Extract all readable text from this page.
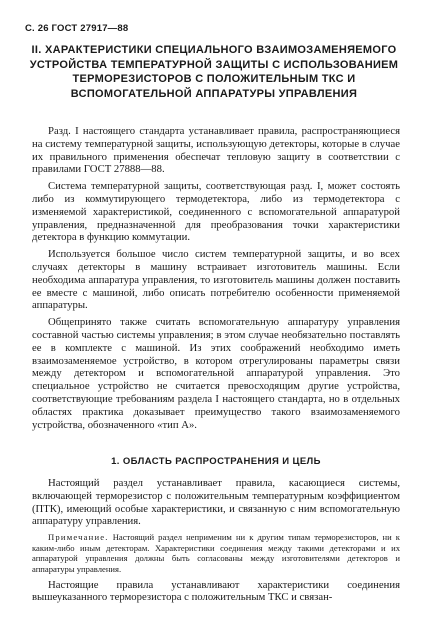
С. 26 ГОСТ 27917—88
II. ХАРАКТЕРИСТИКИ СПЕЦИАЛЬНОГО ВЗАИМОЗАМЕНЯЕМОГО УСТРОЙСТВА ТЕМПЕРАТУРНОЙ ЗАЩИТЫ С ИСПОЛЬЗОВАНИЕМ ТЕРМОРЕЗИСТОРОВ С ПОЛОЖИТЕЛЬНЫМ ТКС И ВСПОМОГАТЕЛЬНОЙ АППАРАТУРЫ УПРАВЛЕНИЯ

Разд. I настоящего стандарта устанавливает правила, распространяющиеся на систему температурной защиты, использующую детекторы, которые в случае их правильного применения обеспечат тепловую защиту в соответствии с правилами ГОСТ 27888—88.

Система температурной защиты, соответствующая разд. I, может состоять либо из коммутирующего термодетектора, либо из термодетектора с изменяемой характеристикой, соединенного с вспомогательной аппаратурой управления, предназначенной для преобразования точки характеристики детектора в функцию коммутации.

Используется большое число систем температурной защиты, и во всех случаях детекторы в машину встраивает изготовитель машины. Если необходима аппаратура управления, то изготовитель машины должен поставить ее вместе с машиной, либо описать потребителю особенности применяемой аппаратуры.

Общепринято также считать вспомогательную аппаратуру управления составной частью системы управления; в этом случае необязательно поставлять ее в комплекте с машиной. Из этих соображений необходимо иметь взаимозаменяемое устройство, в котором отрегулированы параметры связи между детектором и вспомогательной аппаратурой управления. Это специальное устройство не считается превосходящим другие устройства, соответствующие требованиям раздела I настоящего стандарта, но в отдельных областях практика доказывает преимущество такого взаимозаменяемого устройства, обозначенного «тип А».

1. ОБЛАСТЬ РАСПРОСТРАНЕНИЯ И ЦЕЛЬ

Настоящий раздел устанавливает правила, касающиеся системы, включающей терморезистор с положительным температурным коэффициентом (ПТК), имеющий особые характеристики, и связанную с ним вспомогательную аппаратуру управления.

Примечание. Настоящий раздел неприменим ни к другим типам терморезисторов, ни к каким-либо иным детекторам. Характеристики соединения между такими детекторами и их аппаратурой управления должны быть согласованы между изготовителями детекторов и аппаратуры управления.

Настоящие правила устанавливают характеристики соединения вышеуказанного терморезистора с положительным ТКС и связан-
